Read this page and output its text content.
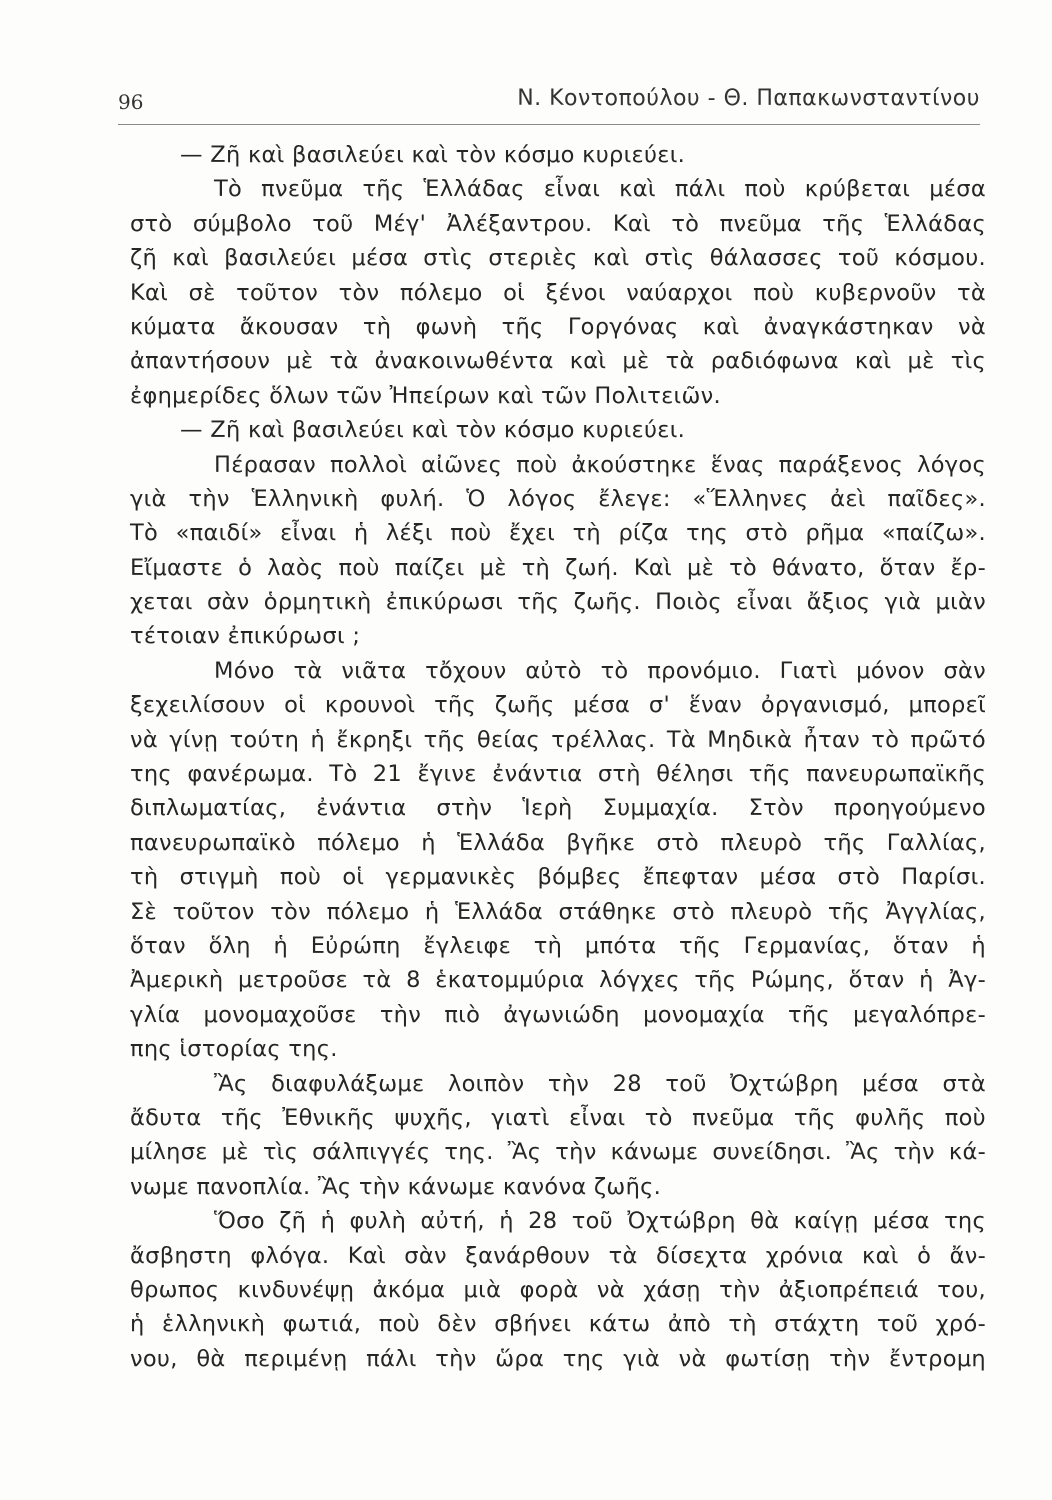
96	Ν. Κοντοπούλου - Θ. Παπακωνσταντίνου
— Ζῆ καὶ βασιλεύει καὶ τὸν κόσμο κυριεύει.
Τὸ πνεῦμα τῆς Ἑλλάδας εἶναι καὶ πάλι ποὺ κρύβεται μέσα
στὸ σύμβολο τοῦ Μέγ' Ἀλέξαντρου. Καὶ τὸ πνεῦμα τῆς Ἑλλάδας
ζῆ καὶ βασιλεύει μέσα στὶς στεριὲς καὶ στὶς θάλασσες τοῦ κόσμου.
Καὶ σὲ τοῦτον τὸν πόλεμο οἱ ξένοι ναύαρχοι ποὺ κυβερνοῦν τὰ
κύματα ἄκουσαν τὴ φωνὴ τῆς Γοργόνας καὶ ἀναγκάστηκαν νὰ
ἀπαντήσουν μὲ τὰ ἀνακοινωθέντα καὶ μὲ τὰ ραδιόφωνα καὶ μὲ τὶς
ἐφημερίδες ὅλων τῶν Ἠπείρων καὶ τῶν Πολιτειῶν.
— Ζῆ καὶ βασιλεύει καὶ τὸν κόσμο κυριεύει.
Πέρασαν πολλοὶ αἰῶνες ποὺ ἀκούστηκε ἕνας παράξενος λόγος
γιὰ τὴν Ἑλληνικὴ φυλή. Ὁ λόγος ἔλεγε: «Ἕλληνες ἀεὶ παῖδες».
Τὸ «παιδί» εἶναι ἡ λέξι ποὺ ἔχει τὴ ρίζα της στὸ ρῆμα «παίζω».
Εἴμαστε ὁ λαὸς ποὺ παίζει μὲ τὴ ζωή. Καὶ μὲ τὸ θάνατο, ὅταν ἔρ-
χεται σὰν ὁρμητικὴ ἐπικύρωσι τῆς ζωῆς. Ποιὸς εἶναι ἄξιος γιὰ μιὰν
τέτοιαν ἐπικύρωσι ;
Μόνο τὰ νιᾶτα τὄχουν αὐτὸ τὸ προνόμιο. Γιατὶ μόνον σὰν
ξεχειλίσουν οἱ κρουνοὶ τῆς ζωῆς μέσα σ' ἕναν ὀργανισμό, μπορεῖ
νὰ γίνῃ τούτη ἡ ἔκρηξι τῆς θείας τρέλλας. Τὰ Μηδικὰ ἦταν τὸ πρῶτό
της φανέρωμα. Τὸ 21 ἔγινε ἐνάντια στὴ θέλησι τῆς πανευρωπαϊκῆς
διπλωματίας, ἐνάντια στὴν Ἱερὴ Συμμαχία. Στὸν προηγούμενο
πανευρωπαϊκὸ πόλεμο ἡ Ἑλλάδα βγῆκε στὸ πλευρὸ τῆς Γαλλίας,
τὴ στιγμὴ ποὺ οἱ γερμανικὲς βόμβες ἔπεφταν μέσα στὸ Παρίσι.
Σὲ τοῦτον τὸν πόλεμο ἡ Ἑλλάδα στάθηκε στὸ πλευρὸ τῆς Ἀγγλίας,
ὅταν ὅλη ἡ Εὐρώπη ἔγλειφε τὴ μπότα τῆς Γερμανίας, ὅταν ἡ
Ἀμερικὴ μετροῦσε τὰ 8 ἑκατομμύρια λόγχες τῆς Ρώμης, ὅταν ἡ Ἀγ-
γλία μονομαχοῦσε τὴν πιὸ ἀγωνιώδη μονομαχία τῆς μεγαλόπρε-
πης ἱστορίας της.
Ἂς διαφυλάξωμε λοιπὸν τὴν 28 τοῦ Ὀχτώβρη μέσα στὰ
ἄδυτα τῆς Ἐθνικῆς ψυχῆς, γιατὶ εἶναι τὸ πνεῦμα τῆς φυλῆς ποὺ
μίλησε μὲ τὶς σάλπιγγές της. Ἂς τὴν κάνωμε συνείδησι. Ἂς τὴν κά-
νωμε πανοπλία. Ἂς τὴν κάνωμε κανόνα ζωῆς.
Ὅσο ζῆ ἡ φυλὴ αὐτή, ἡ 28 τοῦ Ὀχτώβρη θὰ καίγῃ μέσα της
ἄσβηστη φλόγα. Καὶ σὰν ξανάρθουν τὰ δίσεχτα χρόνια καὶ ὁ ἄν-
θρωπος κινδυνέψῃ ἀκόμα μιὰ φορὰ νὰ χάσῃ τὴν ἀξιοπρέπειά του,
ἡ ἑλληνικὴ φωτιά, ποὺ δὲν σβήνει κάτω ἀπὸ τὴ στάχτη τοῦ χρό-
νου, θὰ περιμένῃ πάλι τὴν ὥρα της γιὰ νὰ φωτίσῃ τὴν ἔντρομη
